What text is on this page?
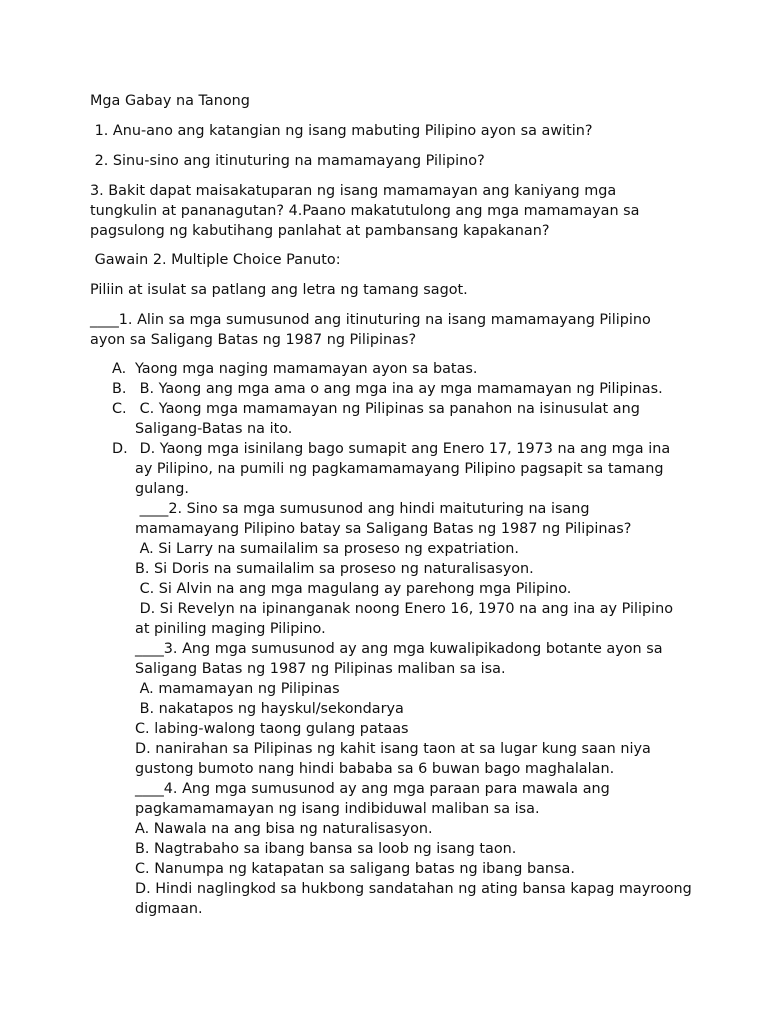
Mga Gabay na Tanong

1. Anu-ano ang katangian ng isang mabuting Pilipino ayon sa awitin?

2. Sinu-sino ang itinuturing na mamamayang Pilipino?

3. Bakit dapat maisakatuparan ng isang mamamayan ang kaniyang mga tungkulin at pananagutan? 4.Paano makatutulong ang mga mamamayan sa pagsulong ng kabutihang panlahat at pambansang kapakanan?

Gawain 2. Multiple Choice Panuto:

Piliin at isulat sa patlang ang letra ng tamang sagot.

____1. Alin sa mga sumusunod ang itinuturing na isang mamamayang Pilipino ayon sa Saligang Batas ng 1987 ng Pilipinas?

A. Yaong mga naging mamamayan ayon sa batas.
B. B. Yaong ang mga ama o ang mga ina ay mga mamamayan ng Pilipinas.
C. C. Yaong mga mamamayan ng Pilipinas sa panahon na isinusulat ang Saligang-Batas na ito.
D. D. Yaong mga isinilang bago sumapit ang Enero 17, 1973 na ang mga ina ay Pilipino, na pumili ng pagkamamamayang Pilipino pagsapit sa tamang gulang.

____2. Sino sa mga sumusunod ang hindi maituturing na isang mamamayang Pilipino batay sa Saligang Batas ng 1987 ng Pilipinas?

A. Si Larry na sumailalim sa proseso ng expatriation.

B. Si Doris na sumailalim sa proseso ng naturalisasyon.

C. Si Alvin na ang mga magulang ay parehong mga Pilipino.

D. Si Revelyn na ipinanganak noong Enero 16, 1970 na ang ina ay Pilipino at piniling maging Pilipino.

____3. Ang mga sumusunod ay ang mga kuwalipikadong botante ayon sa Saligang Batas ng 1987 ng Pilipinas maliban sa isa.

A. mamamayan ng Pilipinas

B. nakatapos ng hayskul/sekondarya

C. labing-walong taong gulang pataas

D. nanirahan sa Pilipinas ng kahit isang taon at sa lugar kung saan niya gustong bumoto nang hindi bababa sa 6 buwan bago maghalalan.

____4. Ang mga sumusunod ay ang mga paraan para mawala ang pagkamamamayan ng isang indibiduwal maliban sa isa.

A. Nawala na ang bisa ng naturalisasyon.

B. Nagtrabaho sa ibang bansa sa loob ng isang taon.

C. Nanumpa ng katapatan sa saligang batas ng ibang bansa.

D. Hindi naglingkod sa hukbong sandatahan ng ating bansa kapag mayroong digmaan.
